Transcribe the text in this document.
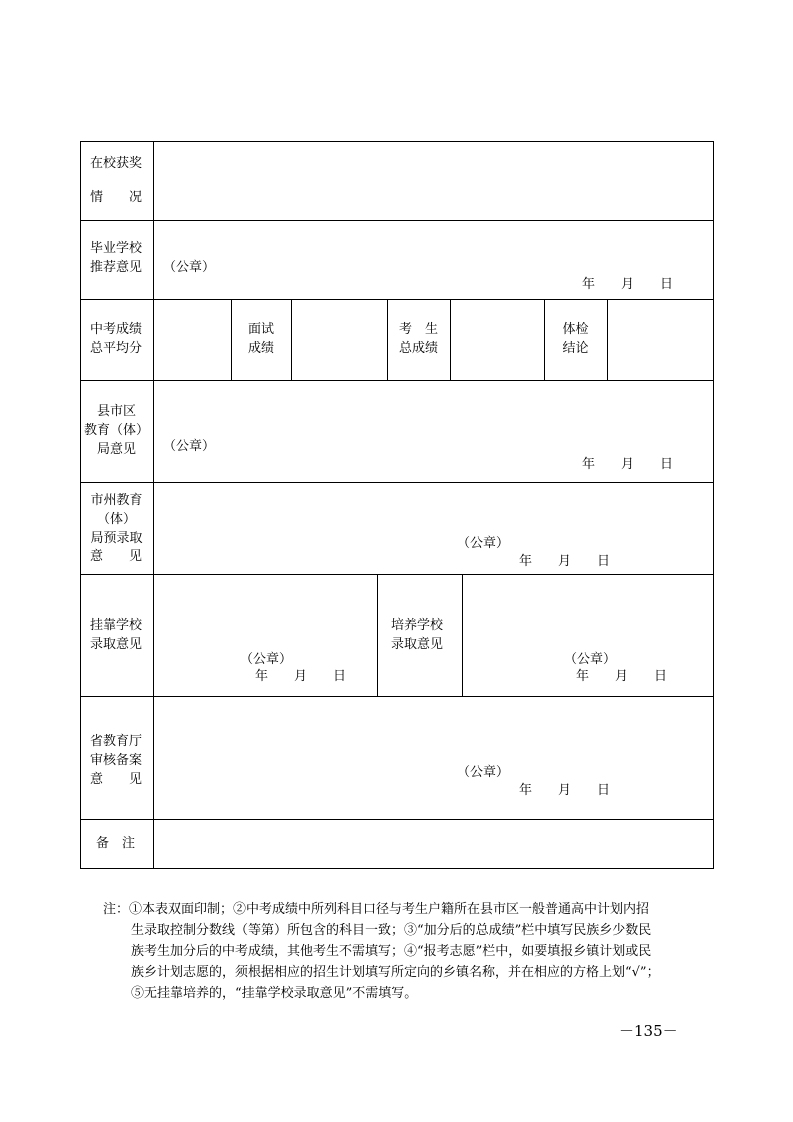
在校获奖
情　　况
毕业学校
推荐意见 （公章）
年　　月　　日
中考成绩
总平均分
面试
成绩
考　生
总成绩
体检
结论
县市区
教育（体）
局意见	（公章）
年　　月　　日
市州教育
（体）
局预录取
意　　见
（公章）
年　　月　　日
挂靠学校
录取意见
（公章）
年　　月　　日
培养学校
录取意见
（公章）
年　　月　　日
省教育厅
审核备案
意　　见	（公章）
年　　月　　日
备　注
注：①本表双面印制；②中考成绩中所列科目口径与考生户籍所在县市区一般普通高中计划内招
生录取控制分数线（等第）所包含的科目一致；③“加分后的总成绩”栏中填写民族乡少数民
族考生加分后的中考成绩，其他考生不需填写；④“报考志愿”栏中，如要填报乡镇计划或民
族乡计划志愿的，须根据相应的招生计划填写所定向的乡镇名称，并在相应的方格上划“√”；
⑤无挂靠培养的，“挂靠学校录取意见”不需填写。
－135－
